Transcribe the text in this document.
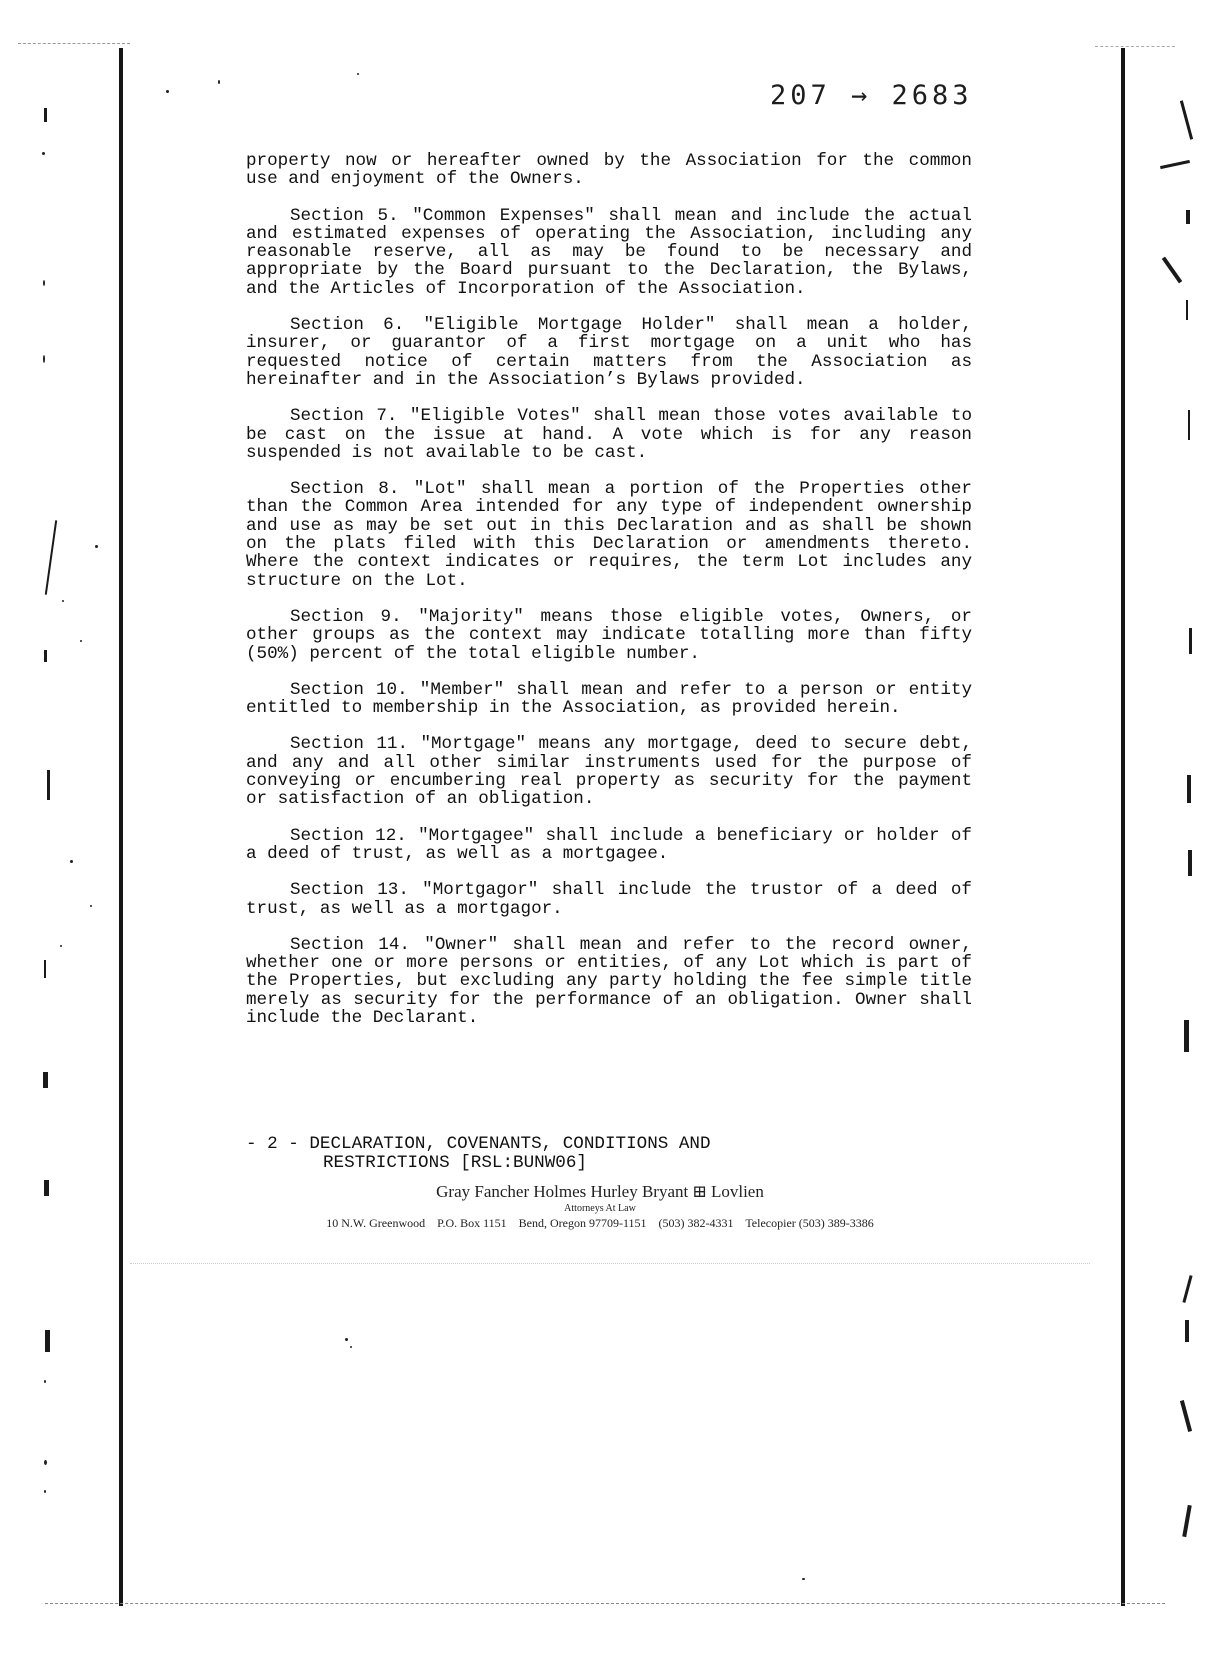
207 → 2683

property now or hereafter owned by the Association for the common use and enjoyment of the Owners.

Section 5. "Common Expenses" shall mean and include the actual and estimated expenses of operating the Association, including any reasonable reserve, all as may be found to be necessary and appropriate by the Board pursuant to the Declaration, the Bylaws, and the Articles of Incorporation of the Association.

Section 6. "Eligible Mortgage Holder" shall mean a holder, insurer, or guarantor of a first mortgage on a unit who has requested notice of certain matters from the Association as hereinafter and in the Association’s Bylaws provided.

Section 7. "Eligible Votes" shall mean those votes available to be cast on the issue at hand. A vote which is for any reason suspended is not available to be cast.

Section 8. "Lot" shall mean a portion of the Properties other than the Common Area intended for any type of independent ownership and use as may be set out in this Declaration and as shall be shown on the plats filed with this Declaration or amendments thereto. Where the context indicates or requires, the term Lot includes any structure on the Lot.

Section 9. "Majority" means those eligible votes, Owners, or other groups as the context may indicate totalling more than fifty (50%) percent of the total eligible number.

Section 10. "Member" shall mean and refer to a person or entity entitled to membership in the Association, as provided herein.

Section 11. "Mortgage" means any mortgage, deed to secure debt, and any and all other similar instruments used for the purpose of conveying or encumbering real property as security for the payment or satisfaction of an obligation.

Section 12. "Mortgagee" shall include a beneficiary or holder of a deed of trust, as well as a mortgagee.

Section 13. "Mortgagor" shall include the trustor of a deed of trust, as well as a mortgagor.

Section 14. "Owner" shall mean and refer to the record owner, whether one or more persons or entities, of any Lot which is part of the Properties, but excluding any party holding the fee simple title merely as security for the performance of an obligation. Owner shall include the Declarant.

- 2 - DECLARATION, COVENANTS, CONDITIONS AND
RESTRICTIONS [RSL:BUNW06]
Gray Fancher Holmes Hurley Bryant ⊞ Lovlien
Attorneys At Law
10 N.W. Greenwood    P.O. Box 1151    Bend, Oregon 97709-1151    (503) 382-4331    Telecopier (503) 389-3386
